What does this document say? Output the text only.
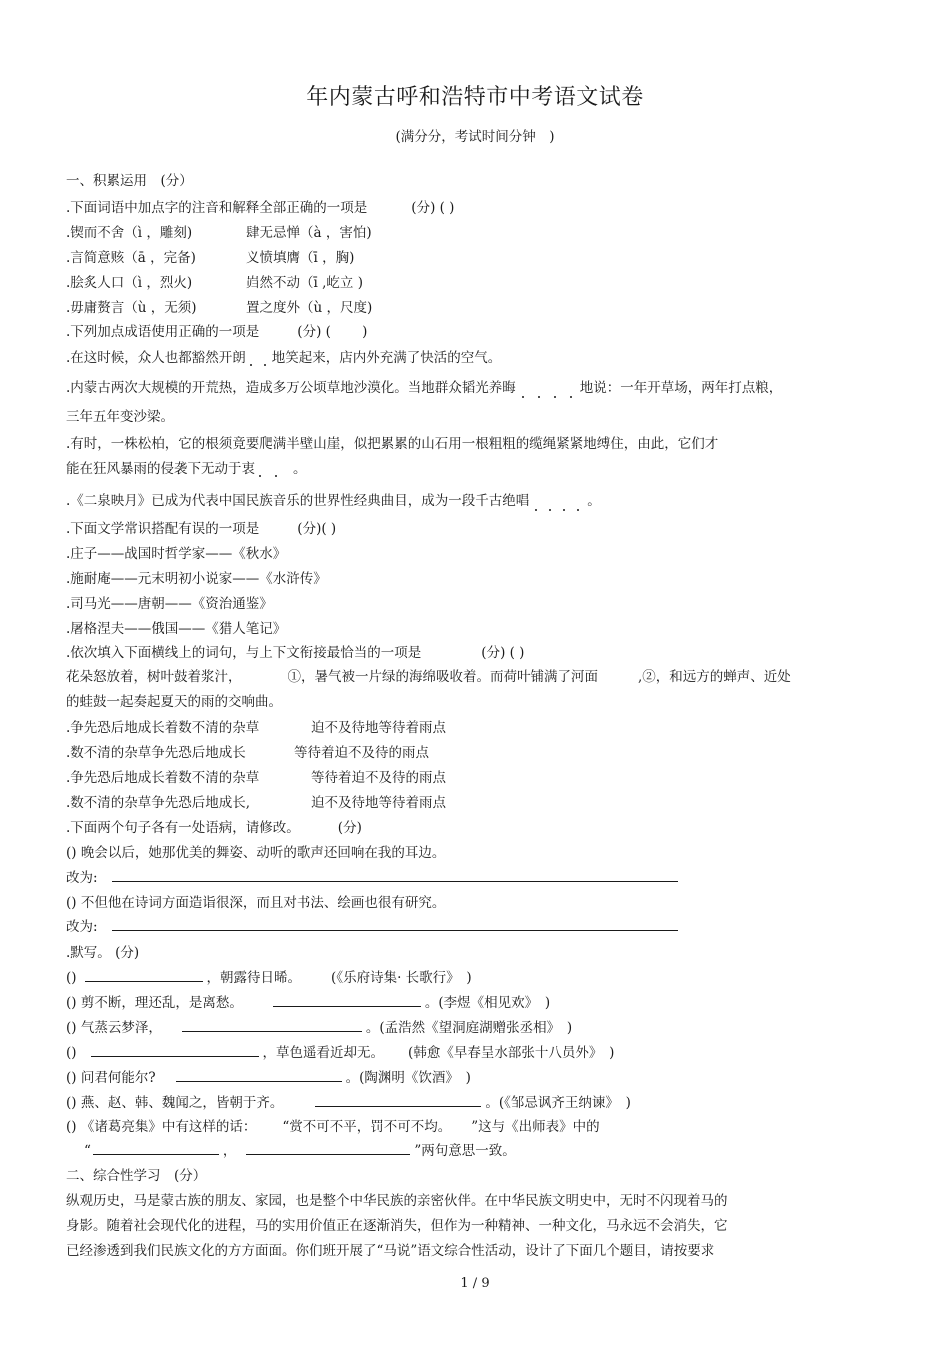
年内蒙古呼和浩特市中考语文试卷
(满分分，考试时间分钟　)
一、积累运用　(分）
.下面词语中加点字的注音和解释全部正确的一项是	(分) ( )
.锲而不舍（ì ，雕刻)	肆无忌惮（à ，害怕)
.言简意赅（ā ，完备)	义愤填膺（ī ，胸)
.脍炙人口（ì ，烈火)	岿然不动（ī ,屹立 )
.毋庸赘言（ù ，无须)	置之度外（ù ，尺度)
.下列加点成语使用正确的一项是	(分) (　　 )
.在这时候，众人也都豁然开朗 地笑起来，店内外充满了快活的空气。
.内蒙古两次大规模的开荒热，造成多万公顷草地沙漠化。当地群众韬光养晦	地说：一年开草场，两年打点粮，
三年五年变沙梁。
.有时，一株松柏，它的根须竟要爬满半壁山崖，似把累累的山石用一根粗粗的缆绳紧紧地缚住，由此，它们才
能在狂风暴雨的侵袭下无动于衷	。
.《二泉映月》已成为代表中国民族音乐的世界性经典曲目，成为一段千古绝唱	。
.下面文学常识搭配有误的一项是	(分)( )
.庄子——战国时哲学家——《秋水》
.施耐庵——元末明初小说家——《水浒传》
.司马光——唐朝——《资治通鉴》
.屠格涅夫——俄国——《猎人笔记》
.依次填入下面横线上的词句，与上下文衔接最恰当的一项是	(分) ( )
花朵怒放着，树叶鼓着浆汁，	①，暑气被一片绿的海绵吸收着。而荷叶铺满了河面	,②，和远方的蝉声、近处
的蛙鼓一起奏起夏天的雨的交响曲。
.争先恐后地成长着数不清的杂草	迫不及待地等待着雨点
.数不清的杂草争先恐后地成长	等待着迫不及待的雨点
.争先恐后地成长着数不清的杂草	等待着迫不及待的雨点
.数不清的杂草争先恐后地成长,	迫不及待地等待着雨点
.下面两个句子各有一处语病，请修改。	(分)
() 晚会以后，她那优美的舞姿、动听的歌声还回响在我的耳边。
改为:
() 不但他在诗词方面造诣很深，而且对书法、绘画也很有研究。
改为:
.默写。 (分)
()	，朝露待日晞。 (《乐府诗集· 长歌行》　)
() 剪不断，理还乱，是离愁。	。(李煜《相见欢》　)
() 气蒸云梦泽，	。(孟浩然《望洞庭湖赠张丞相》　)
()	，草色遥看近却无。 (韩愈《早春呈水部张十八员外》　)
() 问君何能尔?	。(陶渊明《饮酒》　)
() 燕、赵、韩、魏闻之，皆朝于齐。	。(《邹忌讽齐王纳谏》　)
() 《诸葛亮集》中有这样的话： “赏不可不平，罚不可不均。 ”这与《出师表》中的
“	，	”两句意思一致。
二、综合性学习　(分）
纵观历史，马是蒙古族的朋友、家园，也是整个中华民族的亲密伙伴。在中华民族文明史中，无时不闪现着马的
身影。随着社会现代化的进程，马的实用价值正在逐渐消失，但作为一种精神、一种文化，马永远不会消失，它
已经渗透到我们民族文化的方方面面。你们班开展了“马说”语文综合性活动，设计了下面几个题目，请按要求
1 / 9
